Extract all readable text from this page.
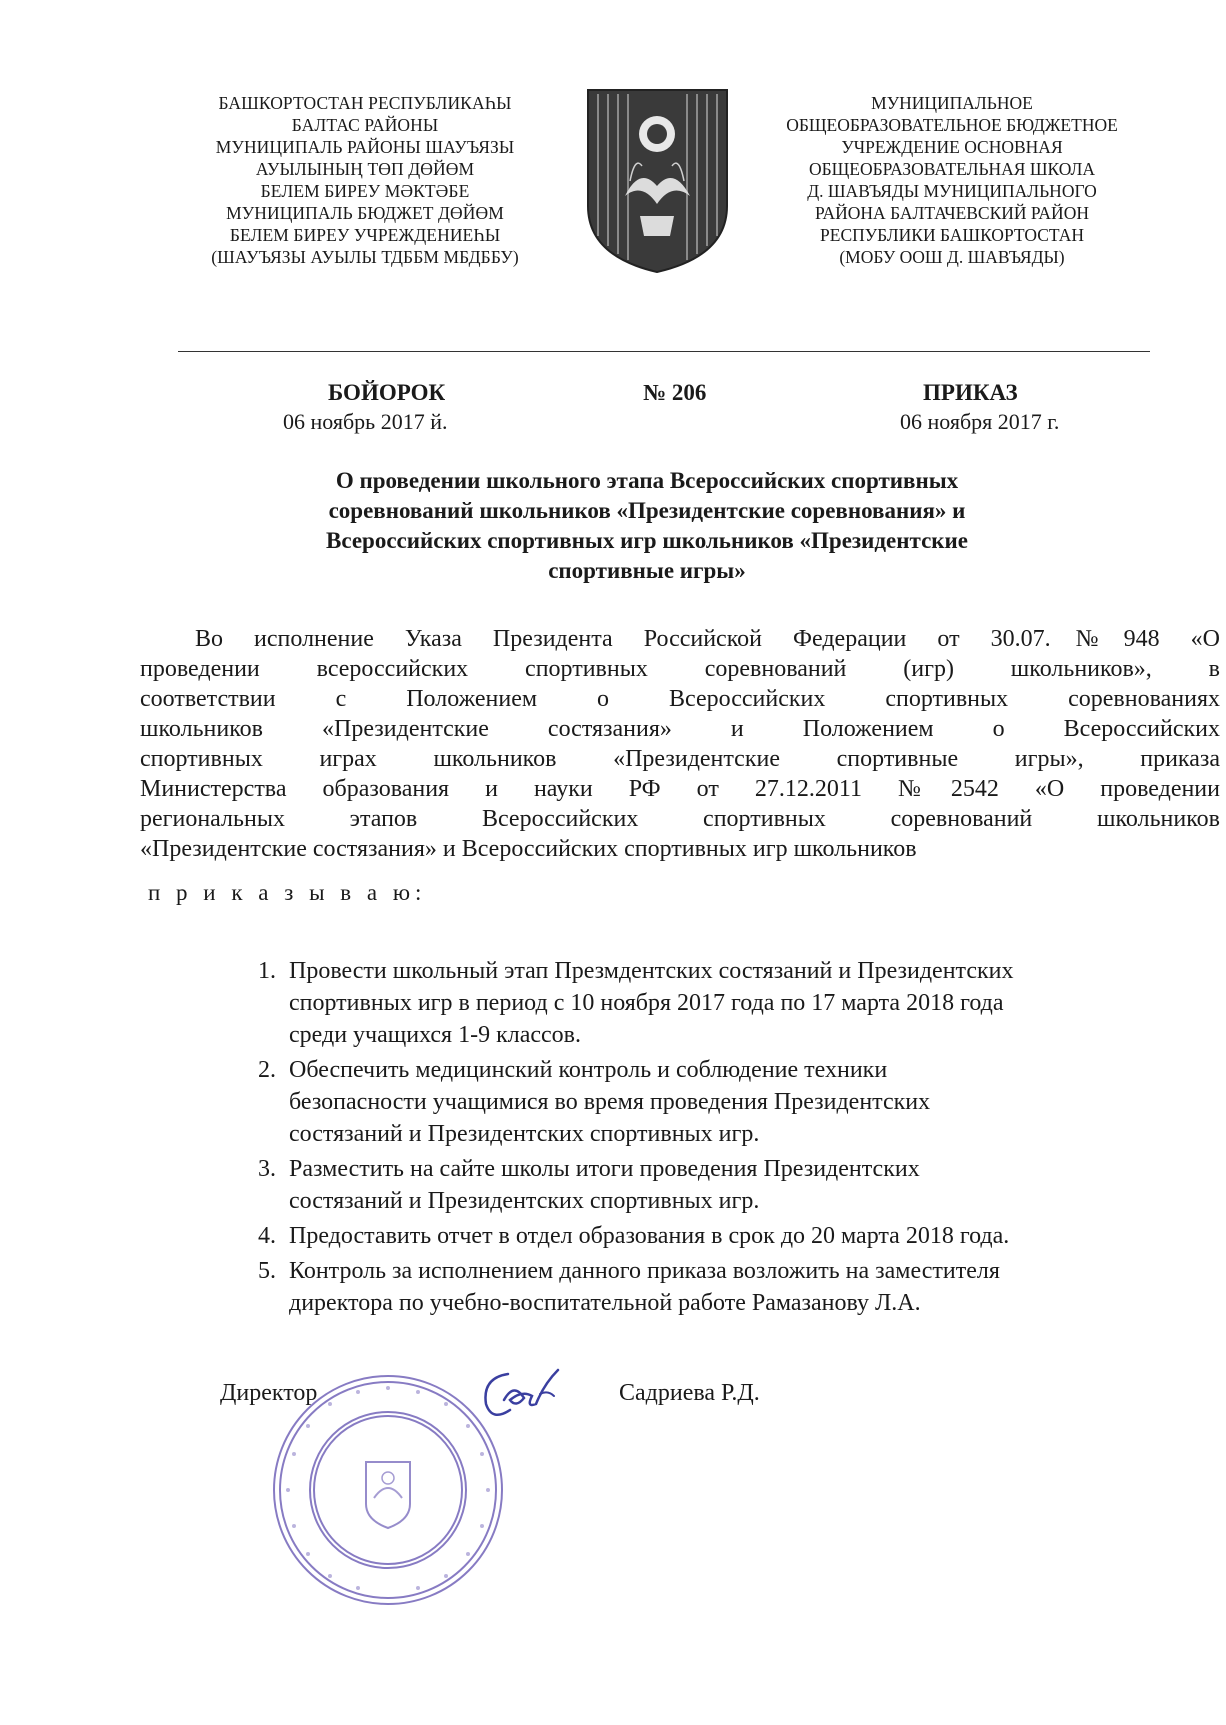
БАШКОРТОСТАН РЕСПУБЛИКАҺЫ
БАЛТАС РАЙОНЫ
МУНИЦИПАЛЬ РАЙОНЫ ШАУЪЯЗЫ
АУЫЛЫНЫҢ ТӨП ДӨЙӨМ
БЕЛЕМ БИРЕУ МӘКТӘБЕ
МУНИЦИПАЛЬ БЮДЖЕТ ДӨЙӨМ
БЕЛЕМ БИРЕУ УЧРЕЖДЕНИЕҺЫ
(ШАУЪЯЗЫ АУЫЛЫ ТДББМ МБДББУ)
МУНИЦИПАЛЬНОЕ
ОБЩЕОБРАЗОВАТЕЛЬНОЕ БЮДЖЕТНОЕ
УЧРЕЖДЕНИЕ ОСНОВНАЯ
ОБЩЕОБРАЗОВАТЕЛЬНАЯ ШКОЛА
Д. ШАВЪЯДЫ МУНИЦИПАЛЬНОГО
РАЙОНА БАЛТАЧЕВСКИЙ РАЙОН
РЕСПУБЛИКИ БАШКОРТОСТАН
(МОБУ ООШ Д. ШАВЪЯДЫ)
БОЙОРОК
06 ноябрь 2017 й.
№ 206	ПРИКАЗ
06 ноября 2017 г.
О проведении школьного этапа Всероссийских спортивных
соревнований школьников «Президентские соревнования» и
Всероссийских спортивных игр школьников «Президентские
спортивные игры»
Во исполнение Указа Президента Российской Федерации от 30.07.№948 «О
проведении всероссийских спортивных соревнований (игр) школьников», в
соответствии с Положением о Всероссийских спортивных соревнованиях
школьников «Президентские состязания» и Положением о Всероссийских
спортивных играх школьников «Президентские спортивные игры», приказа
Министерства образования и науки РФ от 27.12.2011 №2542 «О проведении
региональных этапов Всероссийских спортивных соревнований школьников
«Президентские состязания» и Всероссийских спортивных игр школьников
п р и к а з ы в а ю:
1. Провести школьный этап Презмдентских состязаний и Президентских
спортивных игр в период с 10 ноября 2017 года по 17 марта 2018 года
среди учащихся 1-9 классов.
2. Обеспечить медицинский контроль и соблюдение техники
безопасности учащимися во время проведения Президентских
состязаний и Президентских спортивных игр.
3. Разместить на сайте школы итоги проведения Президентских
состязаний и Президентских спортивных игр.
4. Предоставить отчет в отдел образования в срок до 20 марта 2018 года.
5. Контроль за исполнением данного приказа возложить на заместителя
директора по учебно-воспитательной работе Рамазанову Л.А.
Директор	Садриева Р.Д.
